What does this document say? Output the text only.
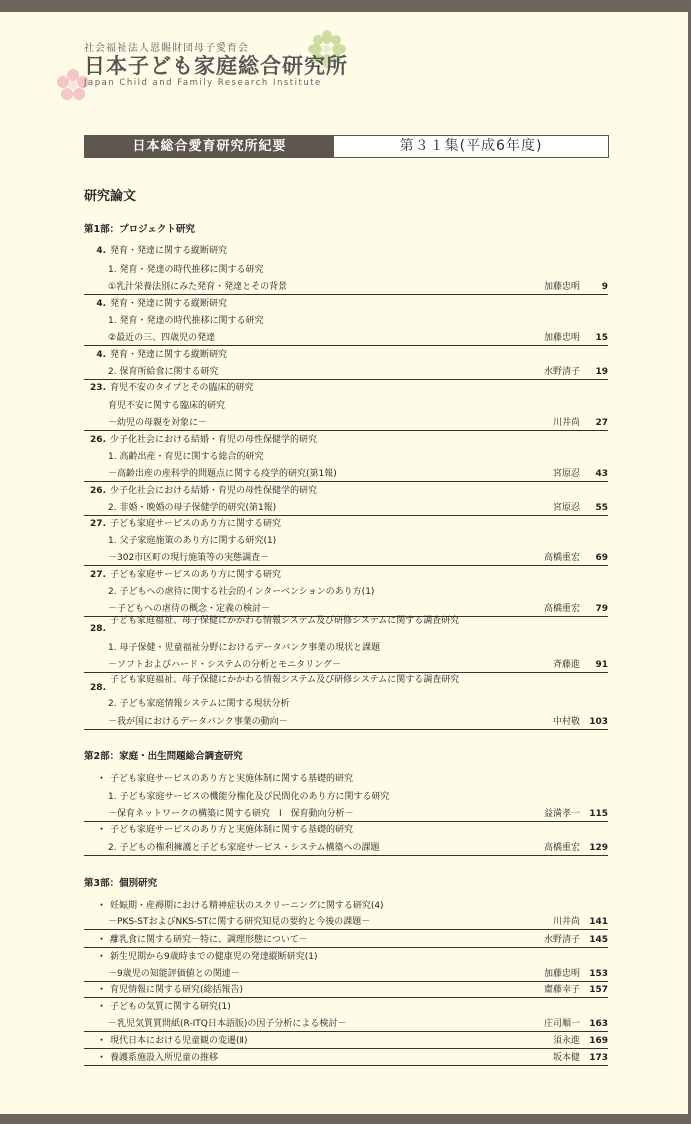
社会福祉法人恩賜財団母子愛育会
日本子ども家庭総合研究所
Japan Child and Family Research Institute
日本総合愛育研究所紀要	第３１集(平成6年度)
研究論文
第1部：プロジェクト研究
第2部：家庭・出生問題総合調査研究
第3部：個別研究
4. 発育・発達に関する縦断研究
1. 発育・発達の時代推移に関する研究
①乳汁栄養法別にみた発育・発達とその背景	加藤忠明	9
4. 発育・発達に関する縦断研究
1. 発育・発達の時代推移に関する研究
②最近の三、四歳児の発達	加藤忠明	15
4. 発育・発達に関する縦断研究
2. 保育所給食に関する研究	水野清子	19
23. 育児不安のタイプとその臨床的研究
育児不安に関する臨床的研究
－幼児の母親を対象に－	川井尚	27
26. 少子化社会における結婚・育児の母性保健学的研究
1. 高齢出産・育児に関する総合的研究
－高齢出産の産科学的問題点に関する疫学的研究(第1報)	宮原忍	43
26. 少子化社会における結婚・育児の母性保健学的研究
2. 非婚・晩婚の母子保健学的研究(第1報)	宮原忍	55
27. 子ども家庭サービスのあり方に関する研究
1. 父子家庭施策のあり方に関する研究(1)
－302市区町の現行施策等の実態調査－	高橋重宏	69
27. 子ども家庭サービスのあり方に関する研究
2. 子どもへの虐待に関する社会的インターベンションのあり方(1)
－子どもへの虐待の概念・定義の検討－	高橋重宏	79
28.
子ども家庭福祉、母子保健にかかわる情報システム及び研修システムに関する調査研究
1. 母子保健・児童福祉分野におけるデータバンク事業の現状と課題
－ソフトおよびハード・システムの分析とモニタリング－	斉藤進	91
28.
子ども家庭福祉、母子保健にかかわる情報システム及び研修システムに関する調査研究
2. 子ども家庭情報システムに関する現状分析
－我が国におけるデータバンク事業の動向－	中村敬	103
・ 子ども家庭サービスのあり方と実施体制に関する基礎的研究
1. 子ども家庭サービスの機能分権化及び民間化のあり方に関する研究
－保育ネットワークの構築に関する研究　Ⅰ　保育動向分析－	益満孝一	115
・ 子ども家庭サービスのあり方と実施体制に関する基礎的研究
2. 子どもの権利擁護と子ども家庭サービス・システム構築への課題	高橋重宏	129
・ 妊娠期・産褥期における精神症状のスクリーニングに関する研究(4)
－PKS-STおよびNKS-STに関する研究知見の要約と今後の課題－	川井尚	141
・ 離乳食に関する研究－特に、調理形態について－	水野清子	145
・ 新生児期から9歳時までの健康児の発達縦断研究(1)
－9歳児の知能評価値との関連－	加藤忠明	153
・ 育児情報に関する研究(総括報告)	齋藤幸子	157
・ 子どもの気質に関する研究(1)
－乳児気質質問紙(R-ITQ日本語版)の因子分析による検討－	庄司順一	163
・ 現代日本における児童観の変遷(Ⅱ)	須永進	169
・ 養護系施設入所児童の推移	坂本健	173
